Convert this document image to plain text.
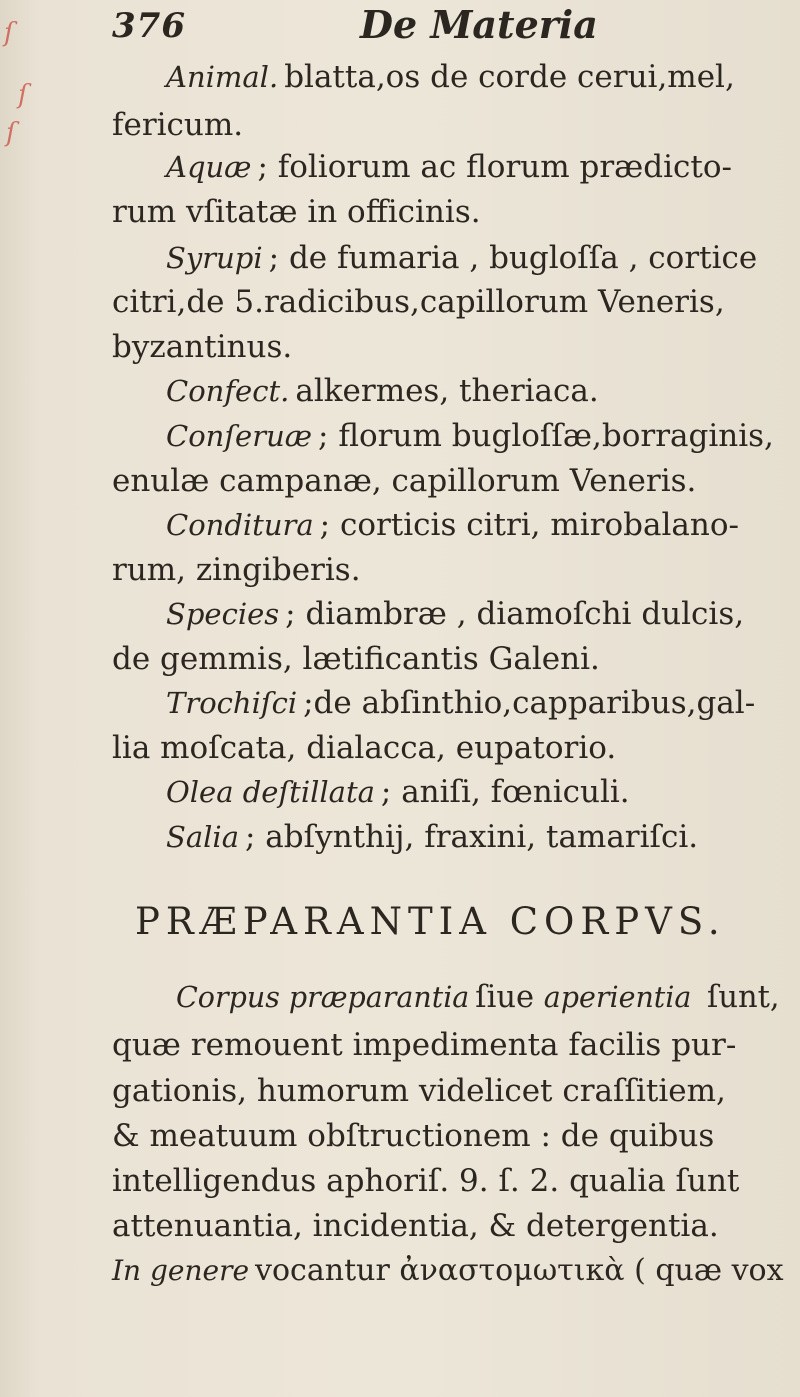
ſ
ſ
ſ
376	De Materia
Animal. blatta,os de corde cerui,mel,
fericum.
Aquæ ; foliorum ac florum prædicto-
rum vſitatæ in officinis.
Syrupi ; de fumaria , bugloſſa , cortice
citri,de 5.radicibus,capillorum Veneris,
byzantinus.
Confect. alkermes, theriaca.
Conſeruæ ; florum bugloſſæ,borraginis,
enulæ campanæ, capillorum Veneris.
Conditura ; corticis citri, mirobalano-
rum, zingiberis.
Species ; diambræ , diamoſchi dulcis,
de gemmis, lætificantis Galeni.
Trochiſci ;de abſinthio,capparibus,gal-
lia moſcata, dialacca, eupatorio.
Olea deſtillata ; aniſi, fœniculi.
Salia ; abſynthij, fraxini, tamariſci.
PRÆPARANTIA CORPVS.
Corpus præparantia ſiue aperientia ſunt,
quæ remouent impedimenta facilis pur-
gationis, humorum videlicet craſſitiem,
& meatuum obſtructionem : de quibus
intelligendus aphoriſ. 9. ſ. 2. qualia ſunt
attenuantia, incidentia, & detergentia.
In genere vocantur ἀναστομωτικὰ ( quæ vox
